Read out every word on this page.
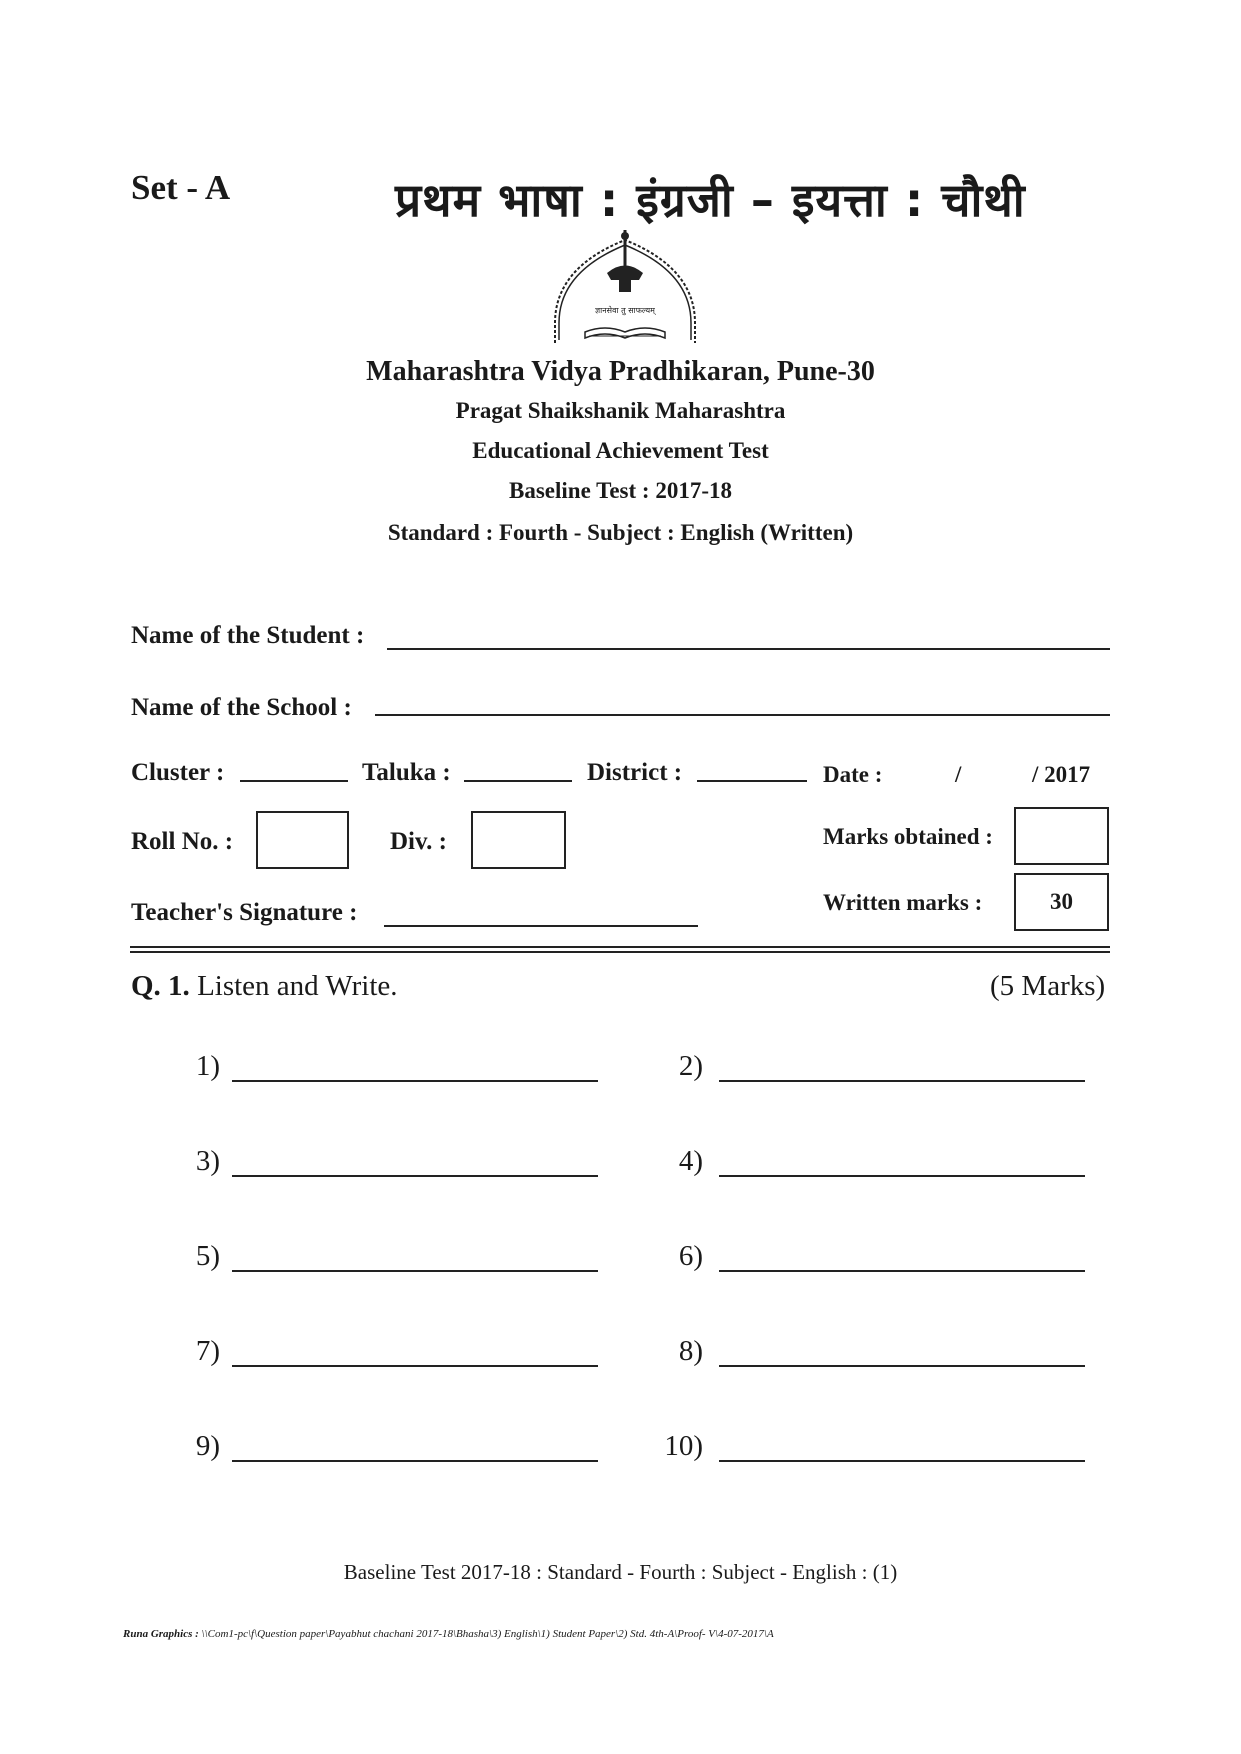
Set - A	प्रथम भाषा : इंग्रजी – इयत्ता : चौथी
ज्ञानसेवा तु साफल्यम्
Maharashtra Vidya Pradhikaran, Pune-30
Pragat Shaikshanik Maharashtra
Educational Achievement Test
Baseline Test : 2017-18
Standard : Fourth - Subject : English (Written)
Name of the Student :
Name of the School :
Cluster :	Taluka :	District :	Date :	/	/ 2017
Roll No. :	Div. :	Marks obtained :
Teacher's Signature :	Written marks :	30
Q. 1. Listen and Write.	(5 Marks)
1)	2)
3)	4)
5)	6)
7)	8)
9)	10)
Baseline Test 2017-18 : Standard - Fourth : Subject - English : (1)
Runa Graphics : \\Com1-pc\f\Question paper\Payabhut chachani 2017-18\Bhasha\3) English\1) Student Paper\2) Std. 4th-A\Proof- V\4-07-2017\A
